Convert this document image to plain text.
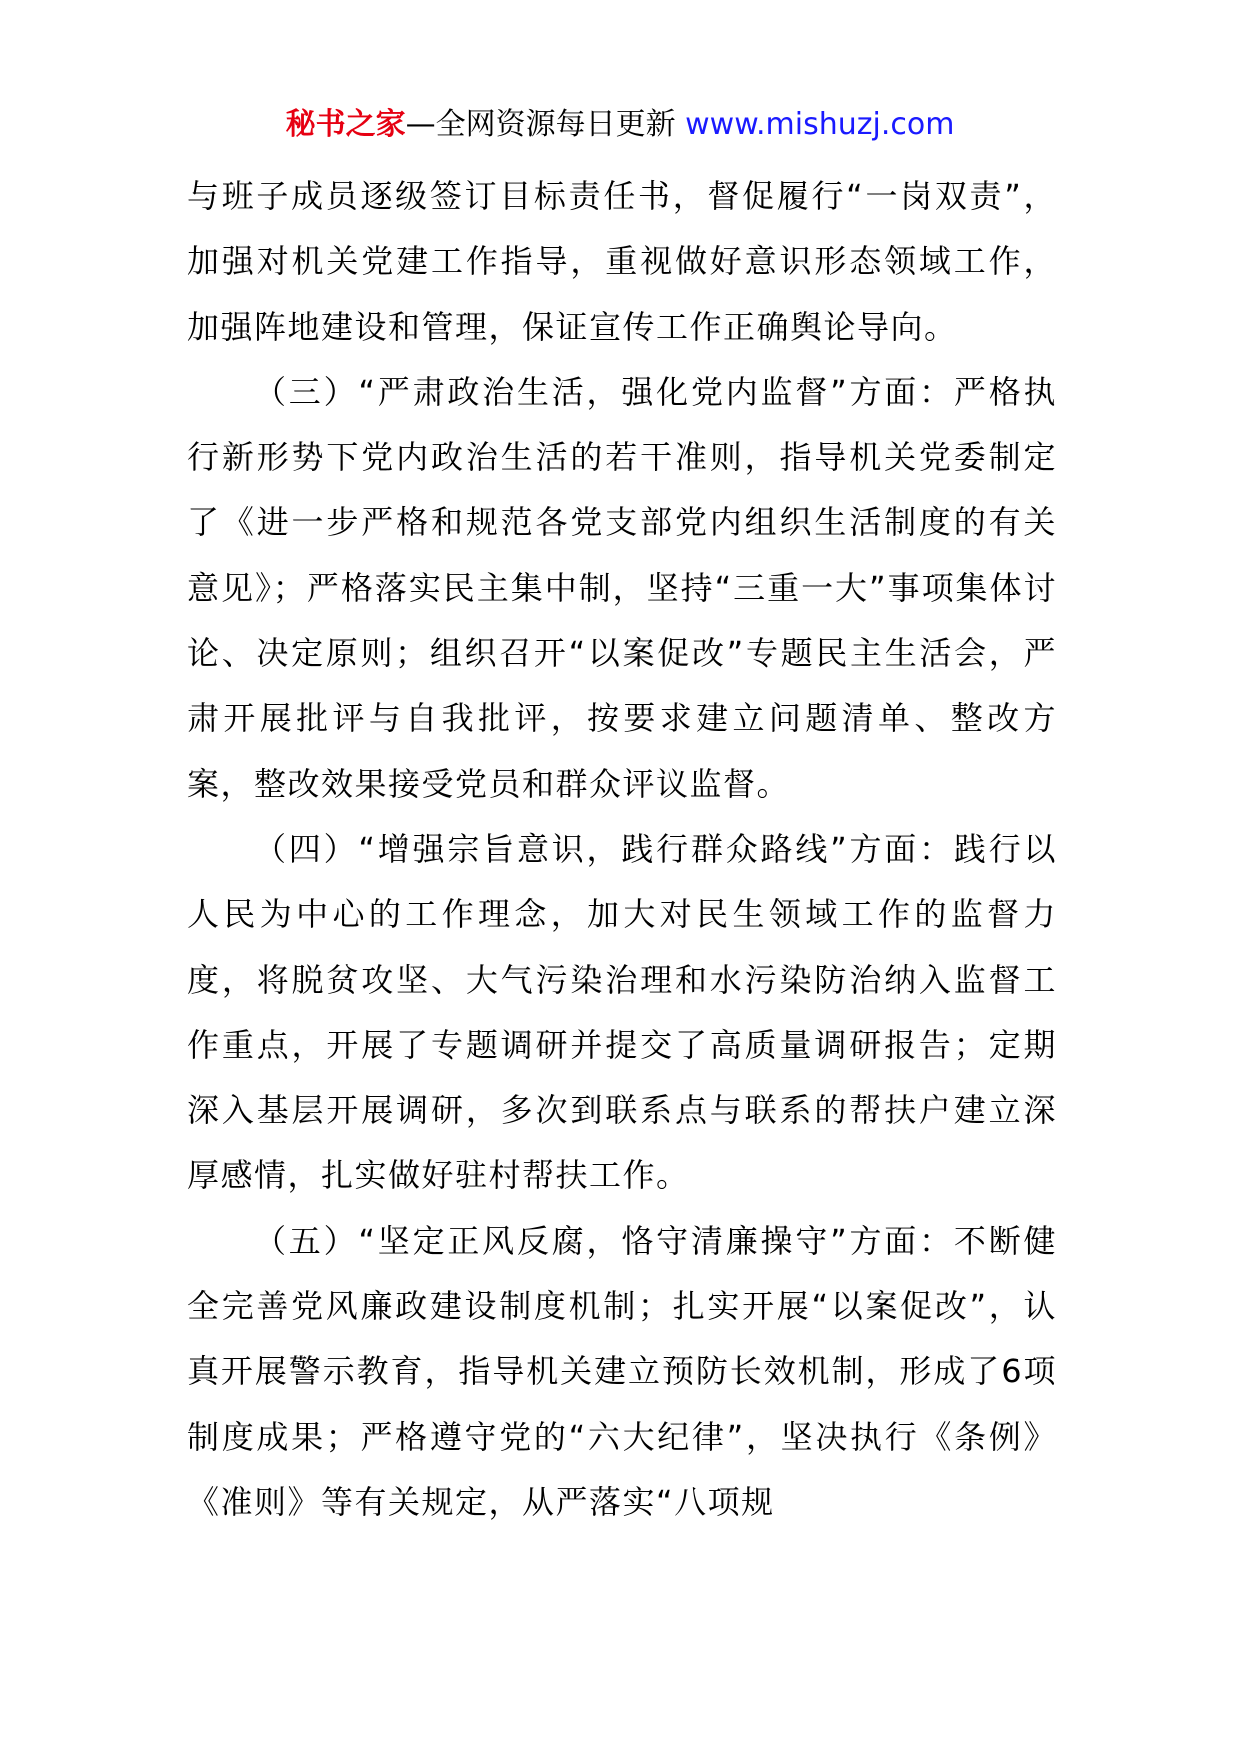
秘书之家—全网资源每日更新 www.mishuzj.com

与班子成员逐级签订目标责任书，督促履行“一岗双责”，加强对机关党建工作指导，重视做好意识形态领域工作，加强阵地建设和管理，保证宣传工作正确舆论导向。

（三）“严肃政治生活，强化党内监督”方面：严格执行新形势下党内政治生活的若干准则，指导机关党委制定了《进一步严格和规范各党支部党内组织生活制度的有关意见》；严格落实民主集中制，坚持“三重一大”事项集体讨论、决定原则；组织召开“以案促改”专题民主生活会，严肃开展批评与自我批评，按要求建立问题清单、整改方案，整改效果接受党员和群众评议监督。

（四）“增强宗旨意识，践行群众路线”方面：践行以人民为中心的工作理念，加大对民生领域工作的监督力度，将脱贫攻坚、大气污染治理和水污染防治纳入监督工作重点，开展了专题调研并提交了高质量调研报告；定期深入基层开展调研，多次到联系点与联系的帮扶户建立深厚感情，扎实做好驻村帮扶工作。

（五）“坚定正风反腐，恪守清廉操守”方面：不断健全完善党风廉政建设制度机制；扎实开展“以案促改”，认真开展警示教育，指导机关建立预防长效机制，形成了6项制度成果；严格遵守党的“六大纪律”，坚决执行《条例》《准则》等有关规定，从严落实“八项规
